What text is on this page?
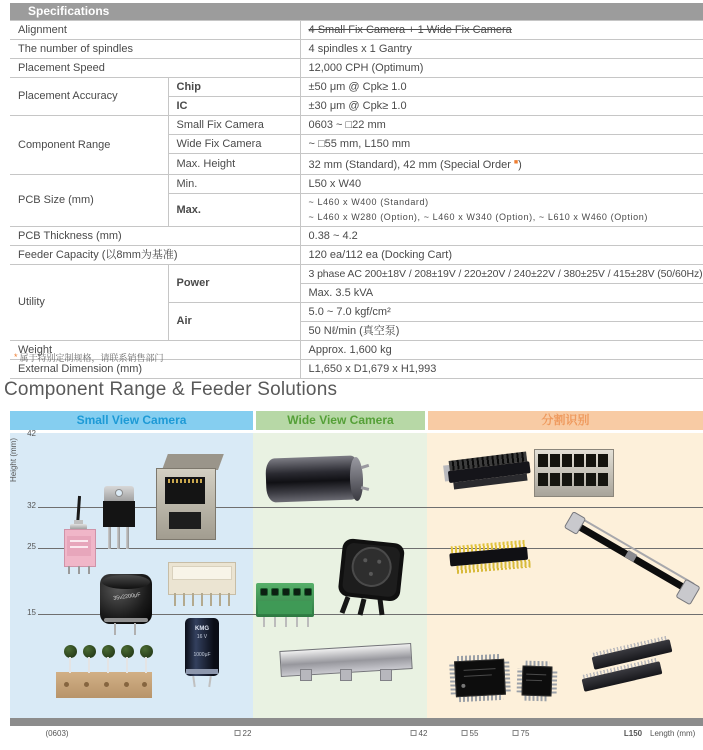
Specifications
Alignment		4 Small Fix Camera + 1 Wide Fix Camera
The number of spindles		4 spindles x 1 Gantry
Placement Speed		12,000 CPH (Optimum)
Placement Accuracy	Chip	±50 μm @ Cpk≥ 1.0
	IC	±30 μm @ Cpk≥ 1.0
Component Range	Small Fix Camera	0603 ~ □22 mm
	Wide Fix Camera	~ □55 mm, L150 mm
	Max. Height	32 mm (Standard), 42 mm (Special Order ■)
PCB Size (mm)	Min.	L50 x W40
	Max.	~ L460 x W400 (Standard)
~ L460 x W280 (Option), ~ L460 x W340 (Option), ~ L610 x W460 (Option)

PCB Thickness (mm)		0.38 ~ 4.2
Feeder Capacity (以8mm为基准)		120 ea/112 ea (Docking Cart)
Utility	Power	3 phase AC 200±18V / 208±19V / 220±20V / 240±22V / 380±25V / 415±28V (50/60Hz)
		Max. 3.5 kVA
	Air	5.0 ~ 7.0 kgf/cm²
		50 Nℓ/min (真空泵)
Weight		Approx. 1,600 kg
External Dimension (mm)		L1,650 x D1,679 x H1,993
* 属于特别定制规格，请联系销售部门
Component Range & Feeder Solutions
Small View Camera	Wide View Camera	分割识别
Height (mm)
42
32
25
15
35v2200μF
KMG
16 V
1000μF
(0603)	22	42	55	75	L150 Length (mm)
